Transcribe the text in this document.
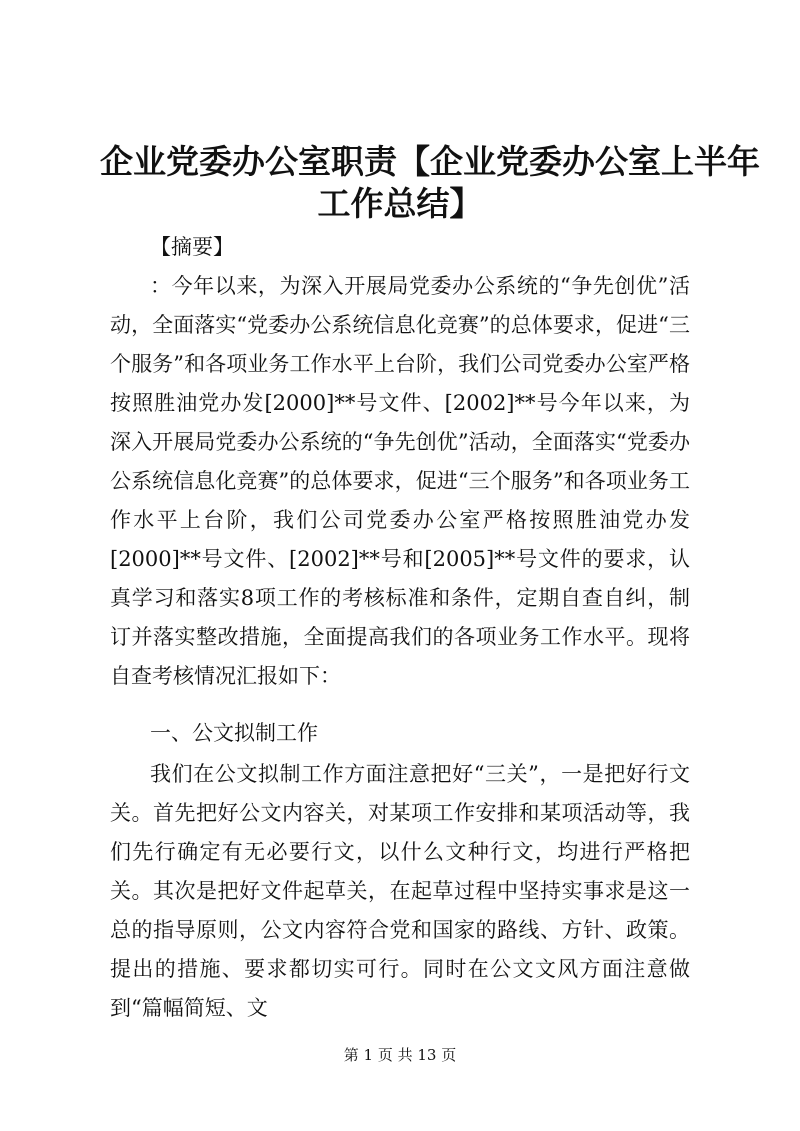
企业党委办公室职责【企业党委办公室上半年
工作总结】
【摘要】
：今年以来，为深入开展局党委办公系统的“争先创优”活动，全面落实“党委办公系统信息化竞赛”的总体要求，促进“三个服务”和各项业务工作水平上台阶，我们公司党委办公室严格按照胜油党办发[2000]**号文件、[2002]**号今年以来，为深入开展局党委办公系统的“争先创优”活动，全面落实“党委办公系统信息化竞赛”的总体要求，促进“三个服务”和各项业务工作水平上台阶，我们公司党委办公室严格按照胜油党办发[2000]**号文件、[2002]**号和[2005]**号文件的要求，认真学习和落实8项工作的考核标准和条件，定期自查自纠，制订并落实整改措施，全面提高我们的各项业务工作水平。现将自查考核情况汇报如下：
一、公文拟制工作
我们在公文拟制工作方面注意把好“三关”，一是把好行文关。首先把好公文内容关，对某项工作安排和某项活动等，我们先行确定有无必要行文，以什么文种行文，均进行严格把关。其次是把好文件起草关，在起草过程中坚持实事求是这一总的指导原则，公文内容符合党和国家的路线、方针、政策。提出的措施、要求都切实可行。同时在公文文风方面注意做到“篇幅简短、文
第 1 页 共 13 页
